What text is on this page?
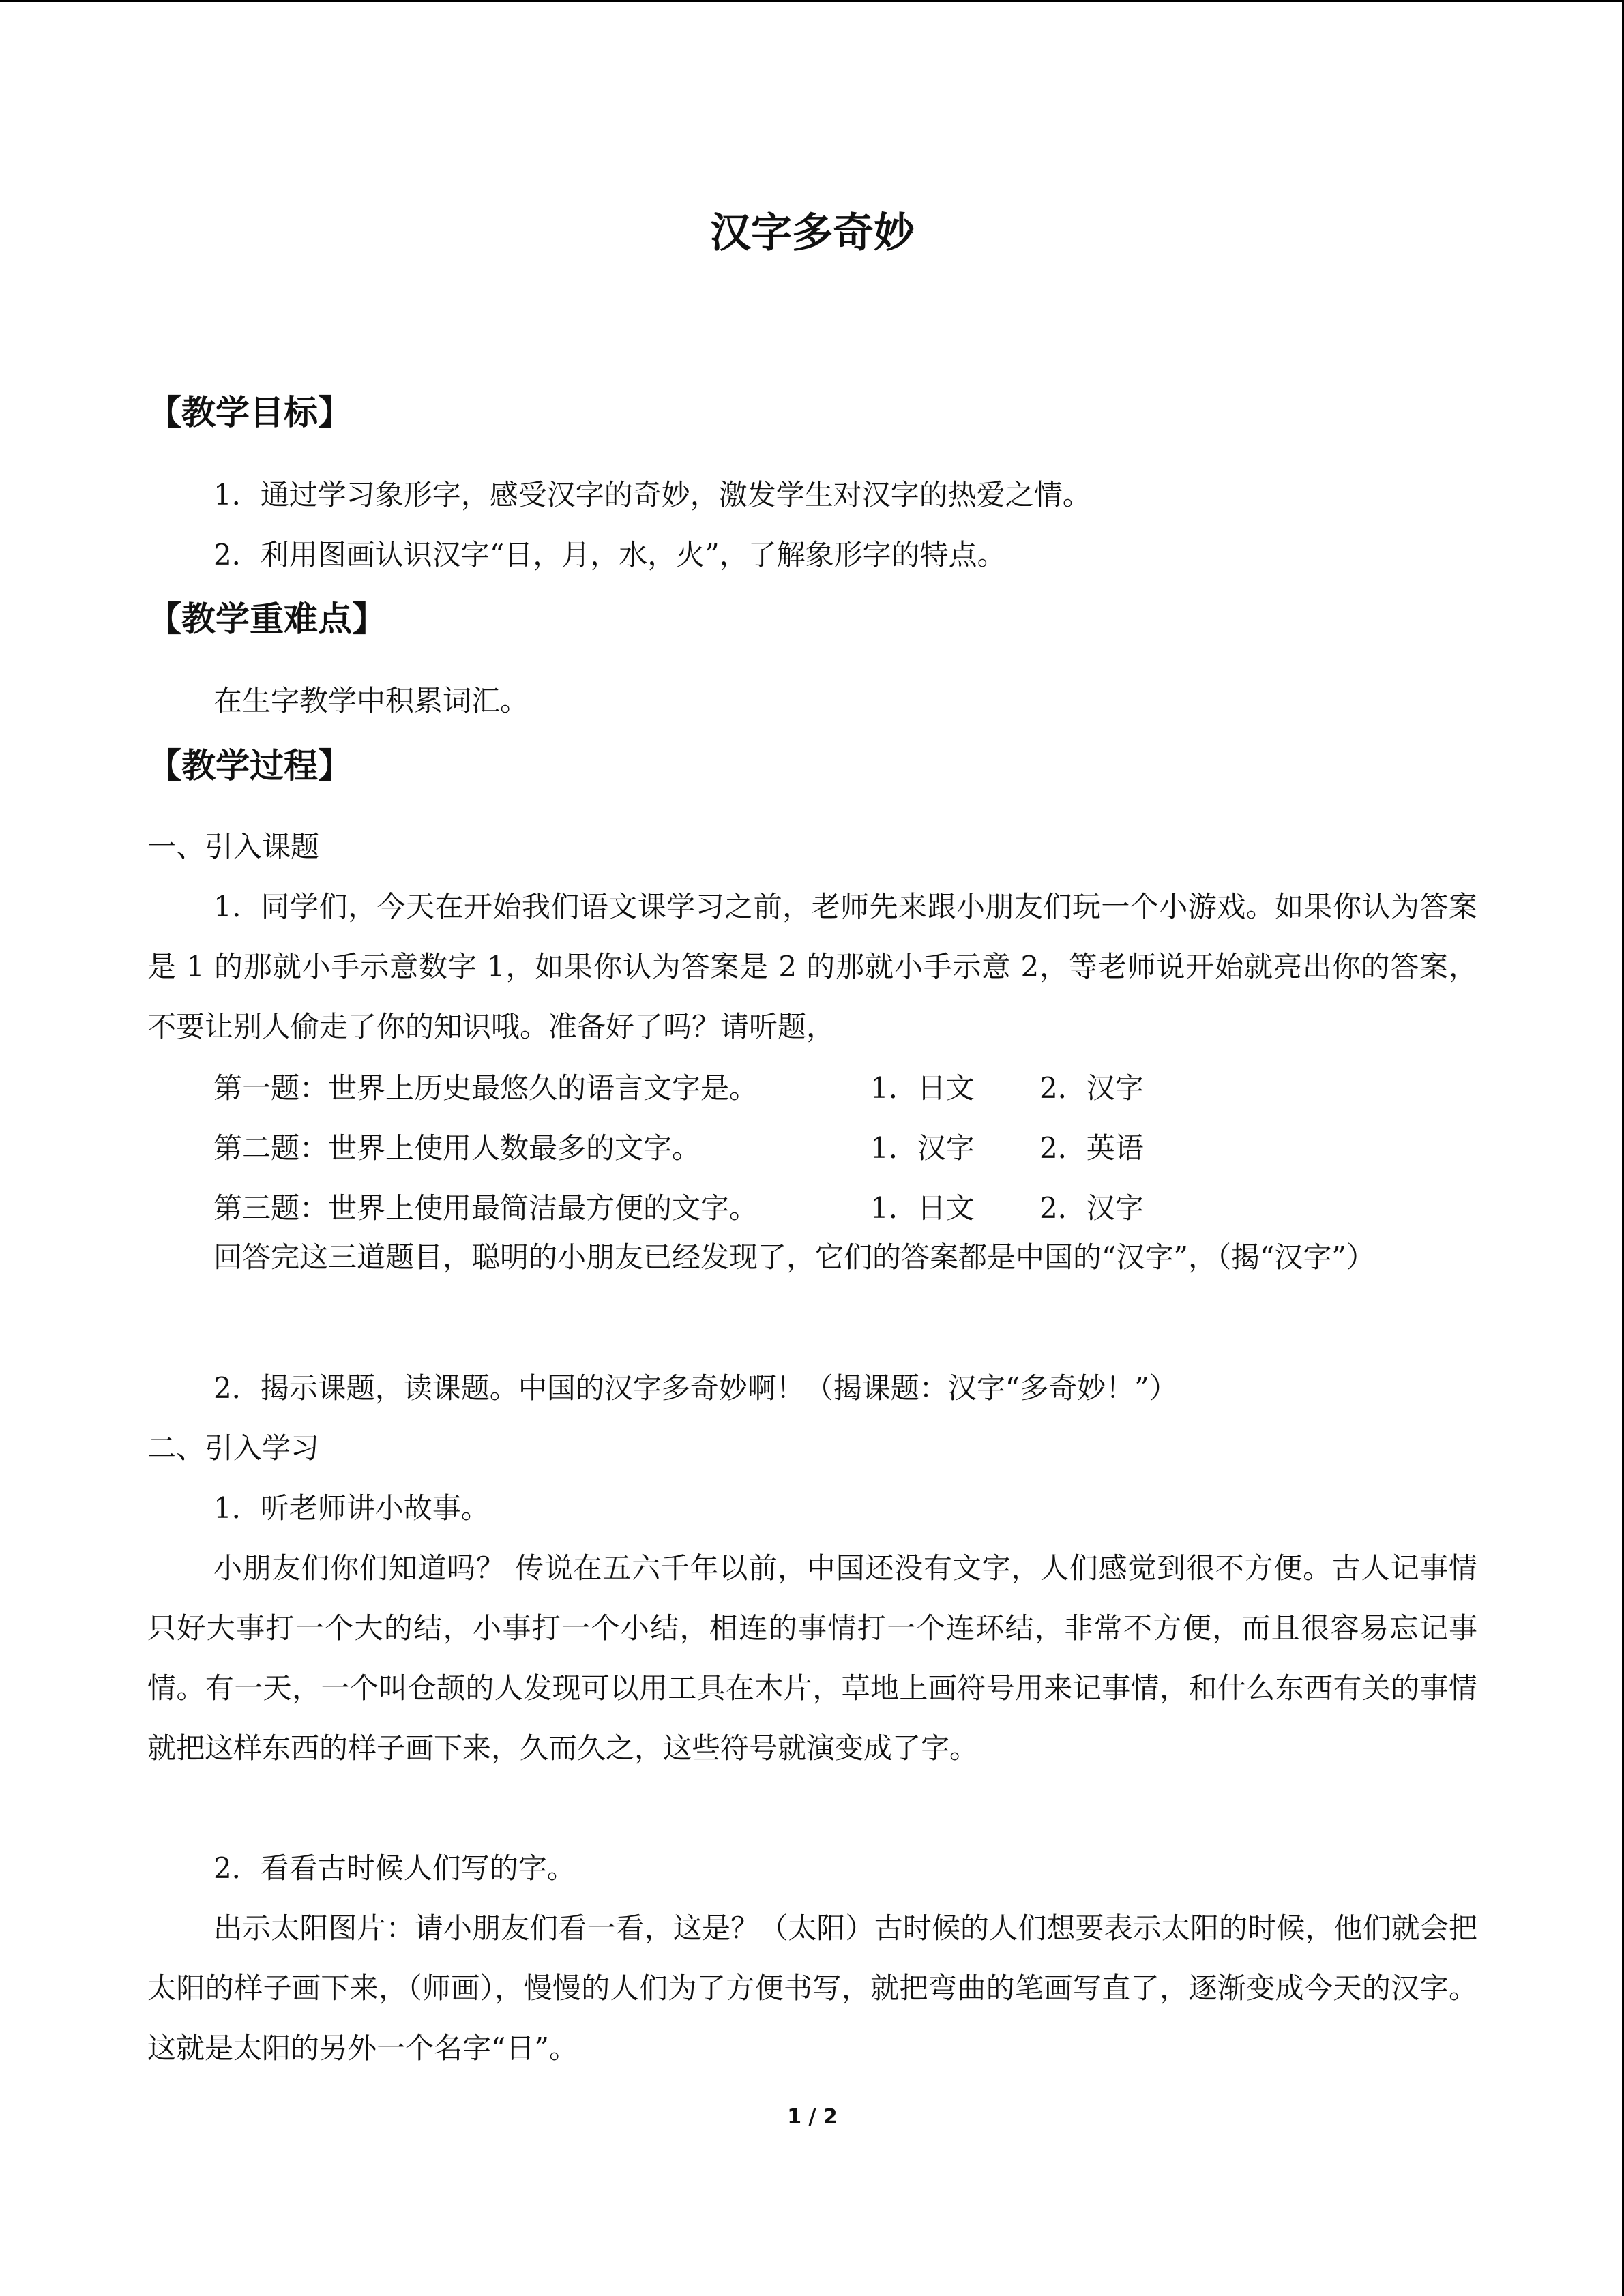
汉字多奇妙
【教学目标】
1．通过学习象形字，感受汉字的奇妙，激发学生对汉字的热爱之情。
2．利用图画认识汉字“日，月，水，火”，了解象形字的特点。
【教学重难点】
在生字教学中积累词汇。
【教学过程】
一、引入课题
1．同学们，今天在开始我们语文课学习之前，老师先来跟小朋友们玩一个小游戏。如果你认为答案是 1 的那就小手示意数字 1，如果你认为答案是 2 的那就小手示意 2，等老师说开始就亮出你的答案，不要让别人偷走了你的知识哦。准备好了吗？请听题，
第一题：世界上历史最悠久的语言文字是。	1．日文 2．汉字
第二题：世界上使用人数最多的文字。	1．汉字 2．英语
第三题：世界上使用最简洁最方便的文字。	1．日文 2．汉字
回答完这三道题目，聪明的小朋友已经发现了，它们的答案都是中国的“汉字”，（揭“汉字”）
2．揭示课题，读课题。中国的汉字多奇妙啊！（揭课题：汉字“多奇妙！”）
二、引入学习
1．听老师讲小故事。
小朋友们你们知道吗？ 传说在五六千年以前，中国还没有文字，人们感觉到很不方便。古人记事情只好大事打一个大的结，小事打一个小结，相连的事情打一个连环结，非常不方便，而且很容易忘记事情。有一天，一个叫仓颉的人发现可以用工具在木片，草地上画符号用来记事情，和什么东西有关的事情就把这样东西的样子画下来，久而久之，这些符号就演变成了字。
2．看看古时候人们写的字。
出示太阳图片：请小朋友们看一看，这是？（太阳）古时候的人们想要表示太阳的时候，他们就会把太阳的样子画下来，（师画），慢慢的人们为了方便书写，就把弯曲的笔画写直了，逐渐变成今天的汉字。这就是太阳的另外一个名字“日”。
1 / 2
